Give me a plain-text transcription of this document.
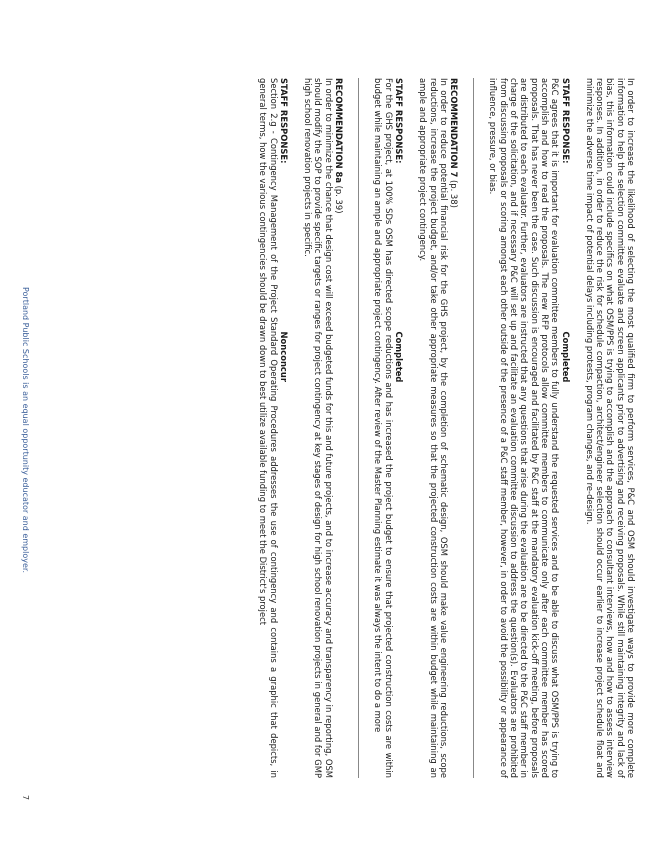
In order to increase the likelihood of selecting the most qualified firm to perform services, P&C and OSM should investigate ways to provide more complete information to help the selection committee evaluate and screen applicants prior to advertising and receiving proposals. While still maintaining integrity and lack of bias, this information could include specifics on what OSM/PPS is trying to accomplish and the approach to consultant interviews, how and how to assess interview responses. In addition, in order to reduce the risk for schedule compaction, architect/engineer selection should occur earlier to increase project schedule float and minimize the adverse time impact of potential delays including protests, program changes, and re-design.

STAFF RESPONSE:
Completed

P&C agrees that it is important for evaluation committee members to fully understand the requested services and to be able to discuss what OSM/PPS is trying to accomplish and how to read the proposals. The new RFP protocols allow committee members to communicate only after each committee member has scored proposals. That has never been the case. Such discussion is encouraged and facilitated by P&C staff at the mandatory evaluation kick-off meeting, before proposals are distributed to each evaluator. Further, evaluators are instructed that any questions that arise during the evaluation are to be directed to the P&C staff member in charge of the solicitation, and if necessary P&C will set up and facilitate an evaluation committee discussion to address the question(s). Evaluators are prohibited from discussing proposals or scoring amongst each other outside of the presence of a P&C staff member, however, in order to avoid the possibility or appearance of influence, pressure, or bias.

RECOMMENDATION 7 (p. 38)

In order to reduce potential financial risk for the GHS project, by the completion of schematic design, OSM should make value engineering reductions, scope reductions, increase the project budget, and/or take other appropriate measures so that the projected construction costs are within budget while maintaining an ample and appropriate project contingency.

STAFF RESPONSE:
Completed

For the GHS project, at 100% SDs OSM has directed scope reductions and has increased the project budget to ensure that projected construction costs are within budget while maintaining an ample and appropriate project contingency. After review of the Master Planning estimate it was always the intent to do a more

RECOMMENDATION 8a (p. 39)

In order to minimize the chance that design cost will exceed budgeted funds for this and future projects, and to increase accuracy and transparency in reporting, OSM should modify the SOP to provide specific targets or ranges for project contingency at key stages of design for high school renovation projects in general and for GMP high school renovation projects in specific.

STAFF RESPONSE:
Nonconcur

Section 2.g - Contingency Management of the Project Standard Operating Procedures addresses the use of contingency and contains a graphic that depicts, in general terms, how the various contingencies should be drawn down to best utilize available funding to meet the District's project

Portland Public Schools is an equal opportunity educator and employer.
7
